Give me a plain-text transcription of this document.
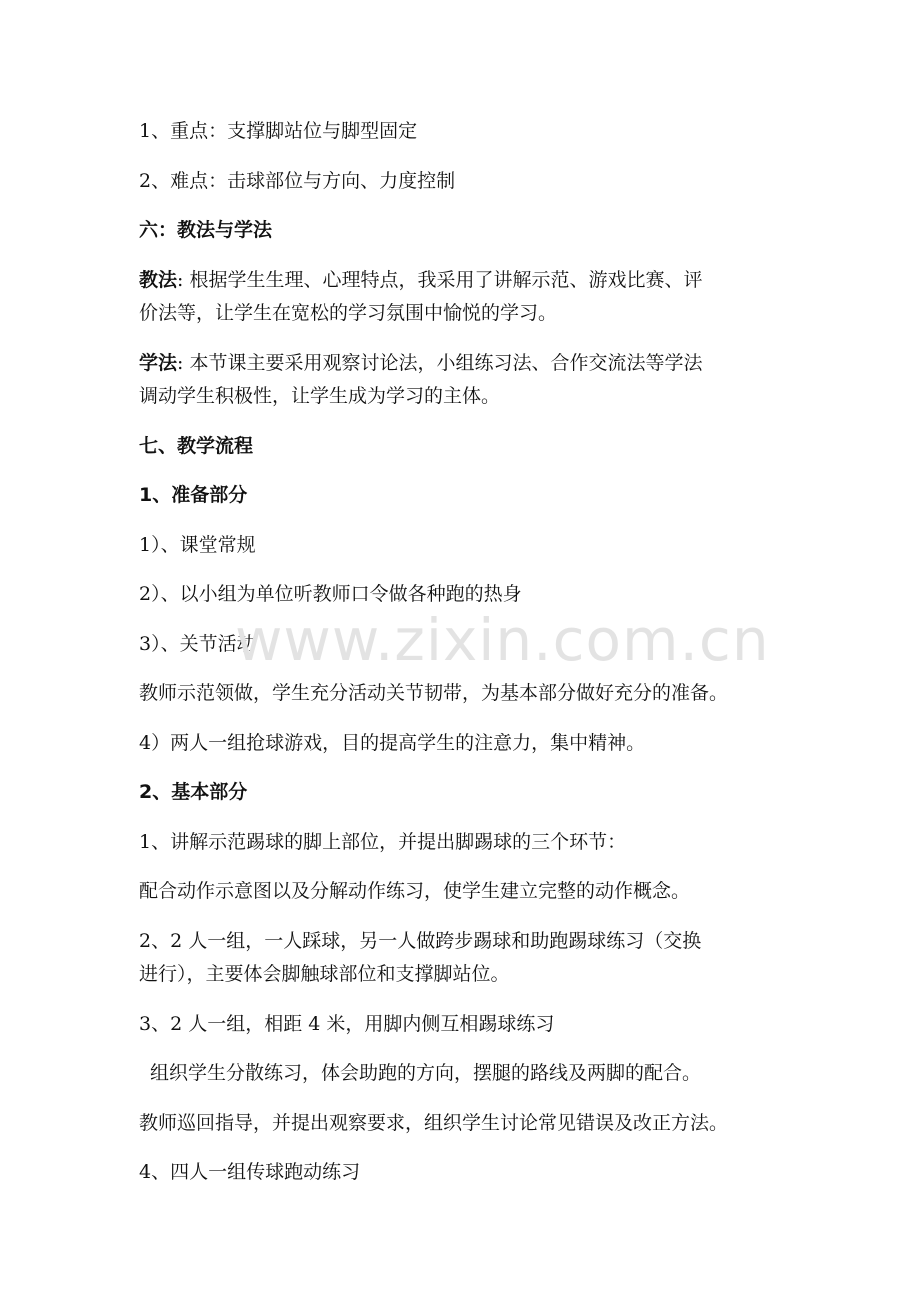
1、重点：支撑脚站位与脚型固定
2、难点：击球部位与方向、力度控制
六：教法与学法
教法: 根据学生生理、心理特点，我采用了讲解示范、游戏比赛、评
价法等，让学生在宽松的学习氛围中愉悦的学习。
学法: 本节课主要采用观察讨论法，小组练习法、合作交流法等学法
调动学生积极性，让学生成为学习的主体。
七、教学流程
1、准备部分
1）、课堂常规
2）、以小组为单位听教师口令做各种跑的热身
3）、关节活动
教师示范领做，学生充分活动关节韧带，为基本部分做好充分的准备。
4）两人一组抢球游戏，目的提高学生的注意力，集中精神。
2、基本部分
1、讲解示范踢球的脚上部位，并提出脚踢球的三个环节：
配合动作示意图以及分解动作练习，使学生建立完整的动作概念。
2、2 人一组，一人踩球，另一人做跨步踢球和助跑踢球练习（交换
进行），主要体会脚触球部位和支撑脚站位。
3、2 人一组，相距 4 米，用脚内侧互相踢球练习
组织学生分散练习，体会助跑的方向，摆腿的路线及两脚的配合。
教师巡回指导，并提出观察要求，组织学生讨论常见错误及改正方法。
4、四人一组传球跑动练习
www.zixin.com.cn
